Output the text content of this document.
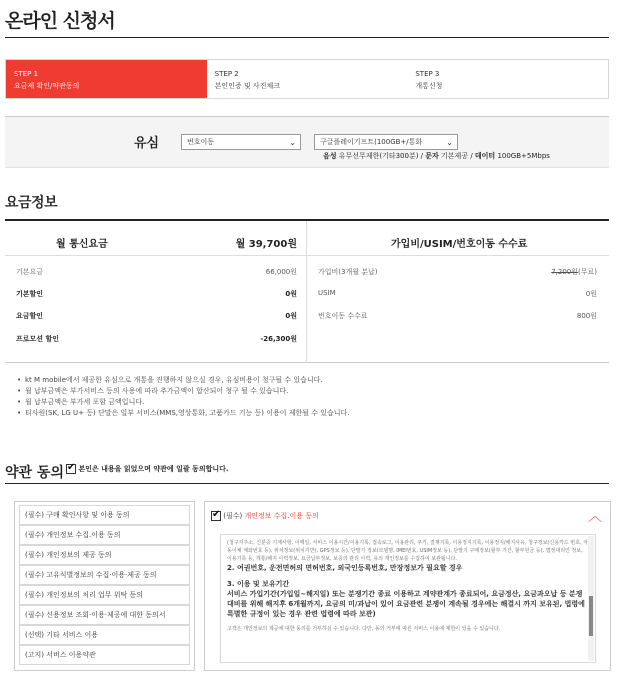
온라인 신청서
STEP 1
요금제 확인/약관동의
STEP 2
본인인증 및 사진체크
STEP 3
개통신청
유심	번호이동	⌄	구글플레이기프트(100GB+/통화	⌄
음성 유무선무제한(기타300분) / 문자 기본제공 / 데이터 100GB+5Mbps
요금정보
월 통신요금	월 39,700원
기본요금	66,000원
기본할인	0원
요금할인	0원
프로모션 할인	-26,300원
가입비/USIM/번호이동 수수료
가입비(3개월 분납)	7,200원(무료)
USIM	0원
번호이동 수수료	800원
• kt M mobile에서 제공한 유심으로 개통을 진행하지 않으실 경우, 유심비용이 청구될 수 있습니다.
• 월 납부금액은 부가서비스 등의 사용에 따라 추가금액이 합산되어 청구 될 수 있습니다.
• 월 납부금액은 부가세 포함 금액입니다.
• 티사원(SK, LG U+ 등) 단말은 일부 서비스(MMS,영상통화, 고품카드 기능 등) 이용이 제한될 수 있습니다.
약관 동의
✔	본인은 내용을 읽었으며 약관에 일괄 동의합니다.
(필수) 구매 확인사항 및 이용 동의
(필수) 개인정보 수집.이용 동의
(필수) 개인정보의 제공 동의
(필수) 고유식별정보의 수집·이용·제공 동의
(필수) 개인정보의 처리 업무 위탁 동의
(필수) 신용정보 조회·이용·제공에 대한 동의서
(선택) 기타 서비스 이용
(고지) 서비스 이용약관
✔ (필수) 개인정보 수집.이용 동의	︿
(청구지주소, 신분증 기재사항, 이메일, 서비스 이용시간/이용기록, 접속로그, 이용관리, 쿠키, 결제기록, 이용정지기록, 이용정지/해지사유, 청구정보(신용카드 번호, 자동이체 계좌번호 등), 위치정보(위치기반), GPS정보 등), 단말기 정보(모델명, IMEI번호, USIM정보 등), 단말기 구매정보(할부 기간, 할부원금 등), 법정대리인 정보, 이용기록 등, 개통/해지 이력정보, 요금납부정보, 보증의 관리 이력, 유의 개인정보를 수집하여 보관됩니다.
2. 여권번호, 운전면허의 면허번호, 외국인등록번호, 만장정보가 필요할 경우
3. 이용 및 보유기간
서비스 가입기간(가입일~해지일) 또는 분쟁기간 종료 이용하고 계약관계가 종료되어, 요금정산, 요금과오납 등 분쟁대비를 위해 해지후 6개월까지, 요금의 미/과납이 있어 요금관련 분쟁이 계속될 경우에는 해결시 까지 보유된, 법령에 특별한 규정이 있는 경우 관련 법령에 따라 보관)
고객은 개인정보의 제공에 대한 동의를 거부하실 수 있습니다. 다만, 동의 거부에 따른 서비스 이용에 제한이 있을 수 있습니다.
